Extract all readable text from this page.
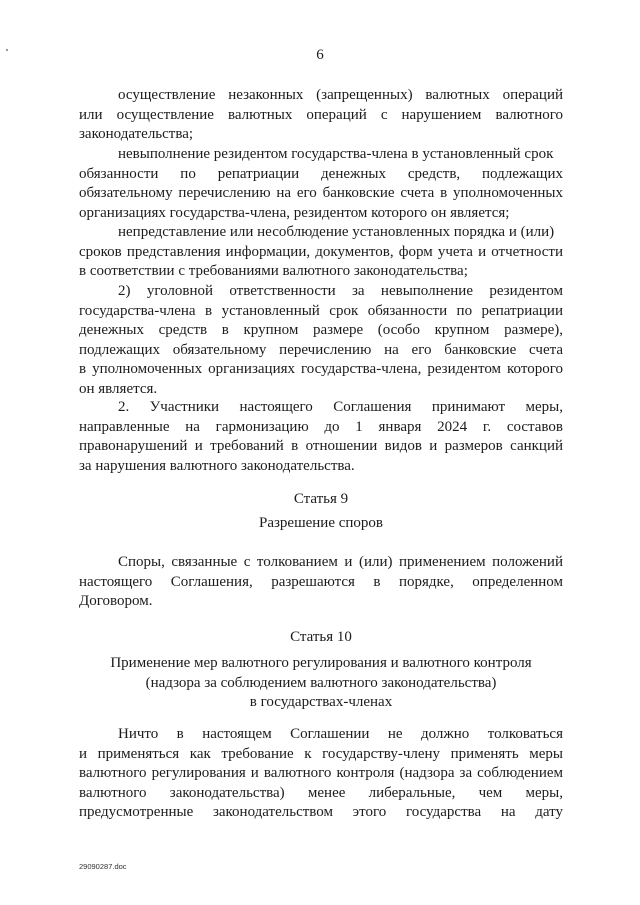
6
осуществление незаконных (запрещенных) валютных операций
или осуществление валютных операций с нарушением валютного
законодательства;
невыполнение резидентом государства-члена в установленный срок
обязанности по репатриации денежных средств, подлежащих
обязательному перечислению на его банковские счета в уполномоченных
организациях государства-члена, резидентом которого он является;
непредставление или несоблюдение установленных порядка и (или)
сроков представления информации, документов, форм учета и отчетности
в соответствии с требованиями валютного законодательства;
2) уголовной ответственности за невыполнение резидентом
государства-члена в установленный срок обязанности по репатриации
денежных средств в крупном размере (особо крупном размере),
подлежащих обязательному перечислению на его банковские счета
в уполномоченных организациях государства-члена, резидентом которого
он является.
2. Участники настоящего Соглашения принимают меры,
направленные на гармонизацию до 1 января 2024 г. составов
правонарушений и требований в отношении видов и размеров санкций
за нарушения валютного законодательства.
Статья 9
Разрешение споров
Споры, связанные с толкованием и (или) применением положений
настоящего Соглашения, разрешаются в порядке, определенном
Договором.
Статья 10
Применение мер валютного регулирования и валютного контроля
(надзора за соблюдением валютного законодательства)
в государствах-членах
Ничто в настоящем Соглашении не должно толковаться
и применяться как требование к государству-члену применять меры
валютного регулирования и валютного контроля (надзора за соблюдением
валютного законодательства) менее либеральные, чем меры,
предусмотренные законодательством этого государства на дату
29090287.doc
